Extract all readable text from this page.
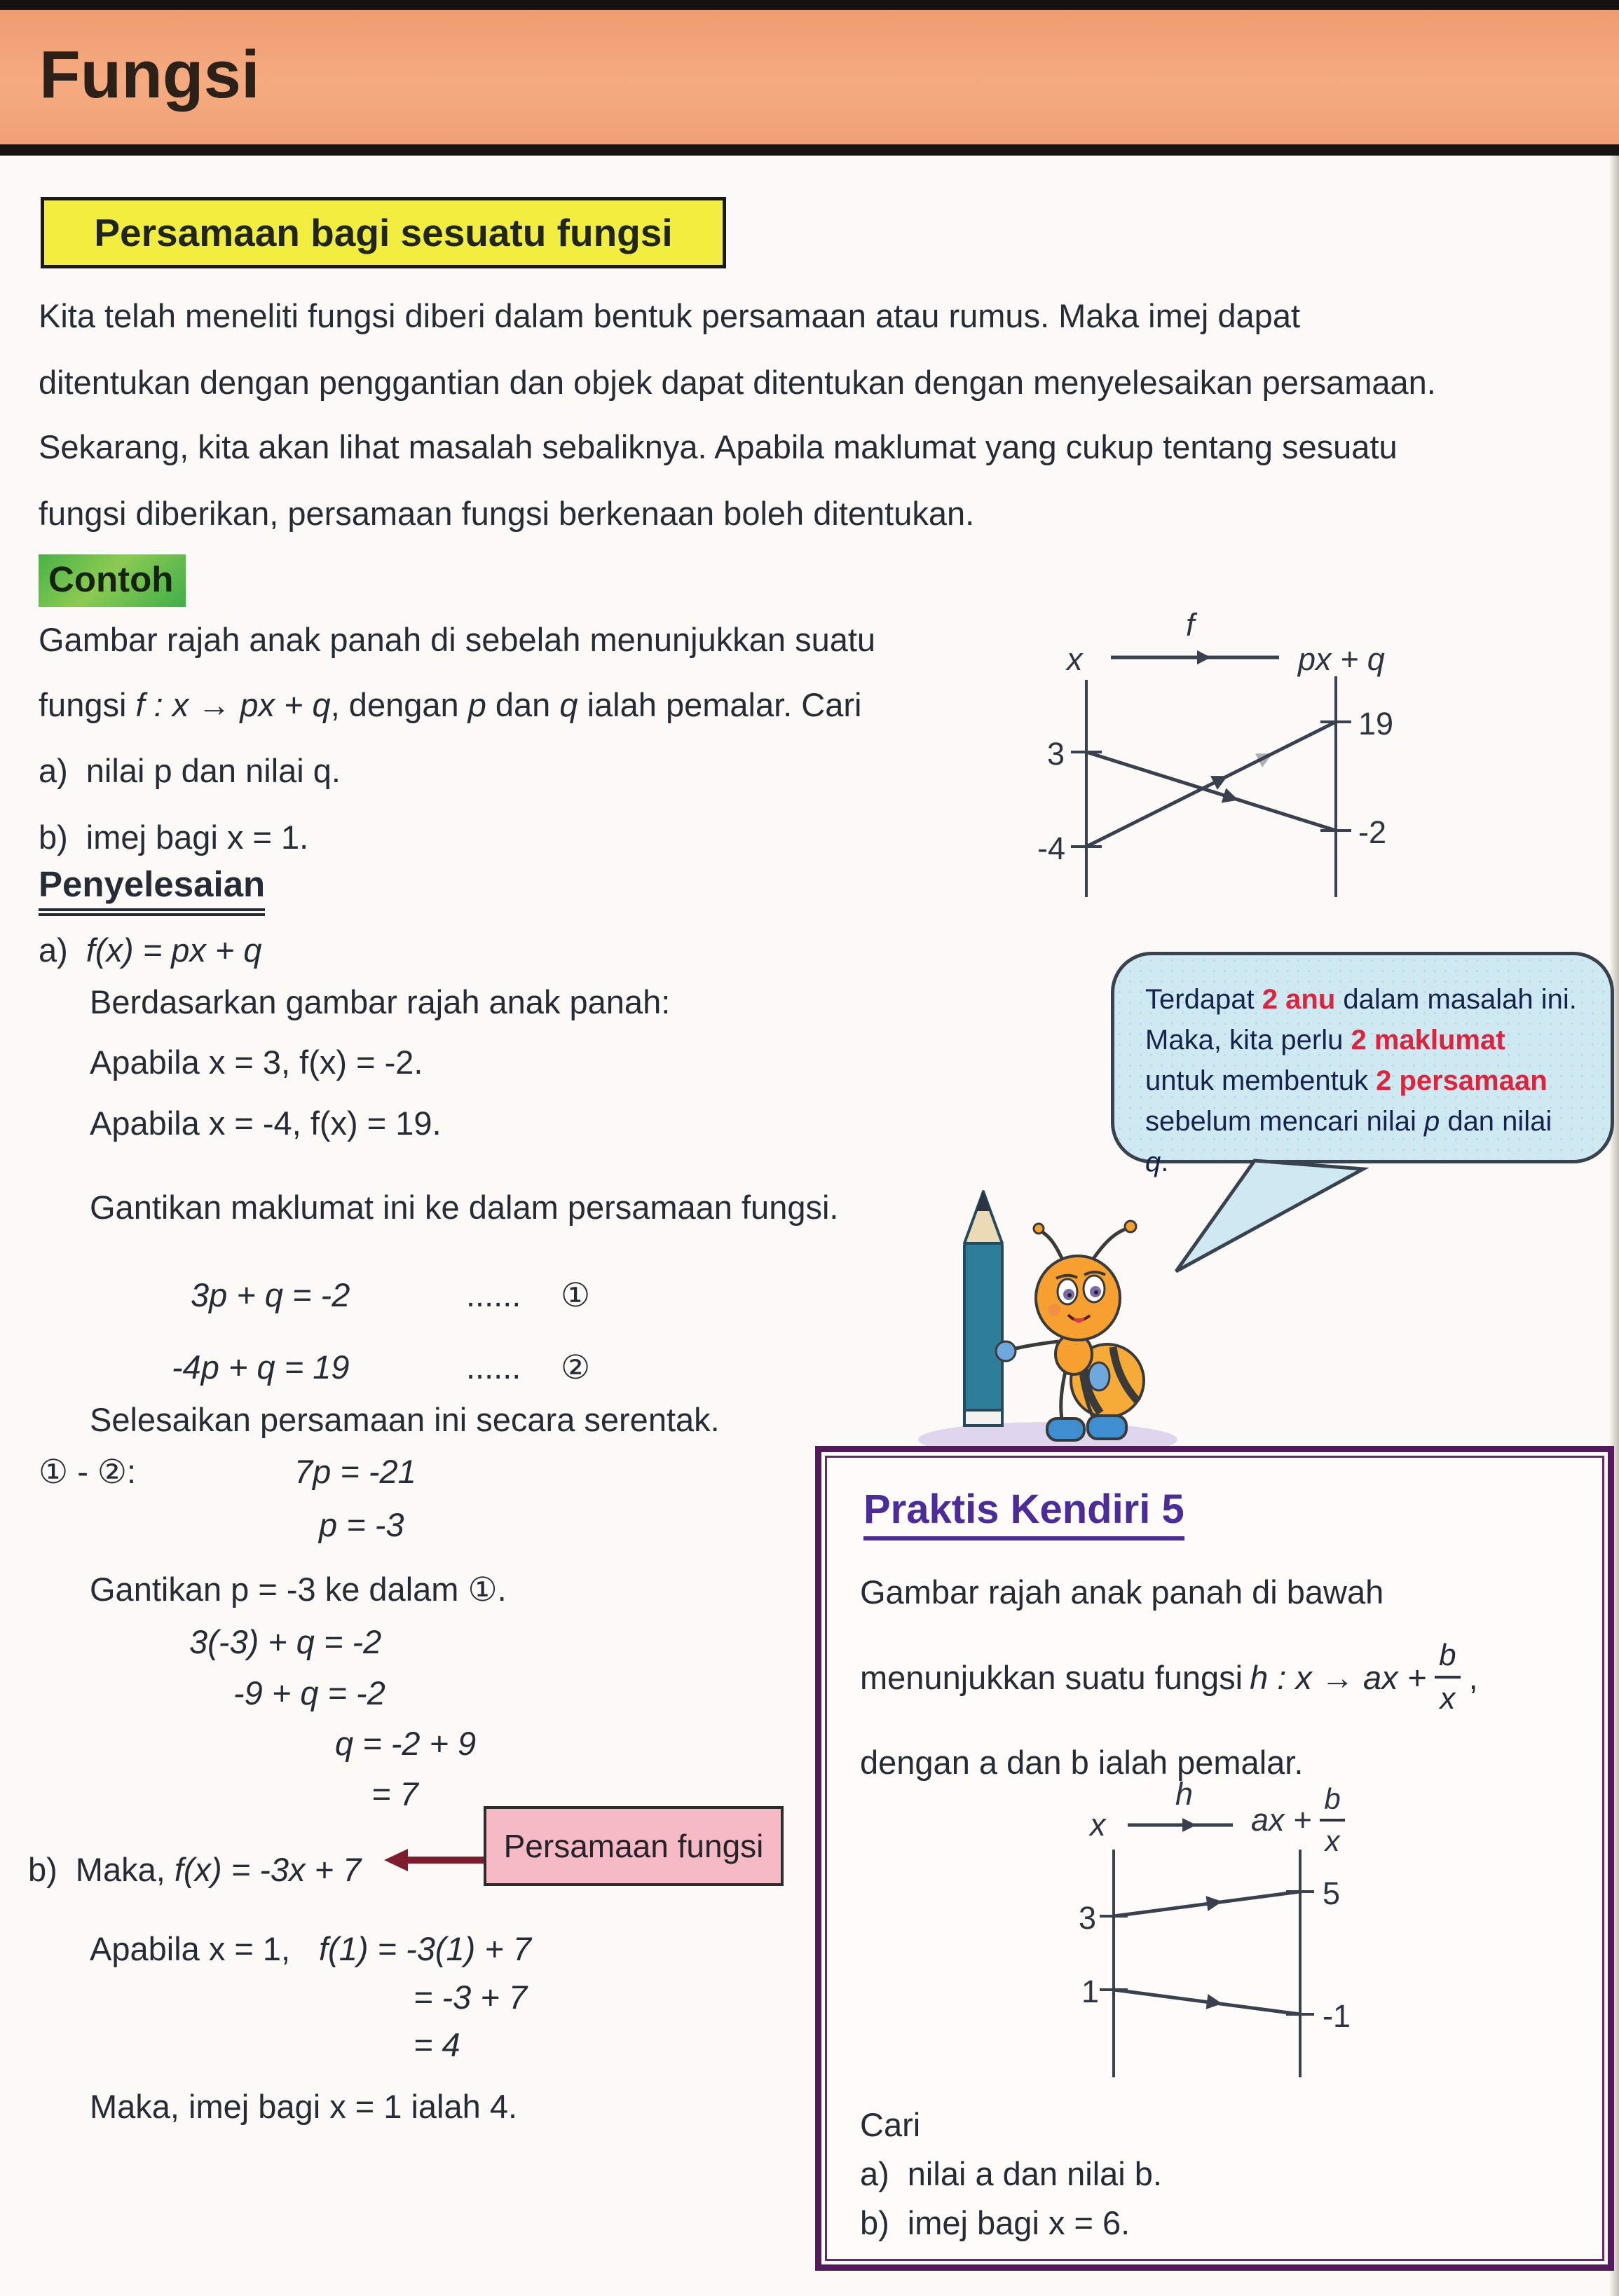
Fungsi
Persamaan bagi sesuatu fungsi
Kita telah meneliti fungsi diberi dalam bentuk persamaan atau rumus. Maka imej dapat
ditentukan dengan penggantian dan objek dapat ditentukan dengan menyelesaikan persamaan.
Sekarang, kita akan lihat masalah sebaliknya. Apabila maklumat yang cukup tentang sesuatu
fungsi diberikan, persamaan fungsi berkenaan boleh ditentukan.
Contoh
Gambar rajah anak panah di sebelah menunjukkan suatu
fungsi f : x → px + q, dengan p dan q ialah pemalar. Cari
a) nilai p dan nilai q.
b) imej bagi x = 1.
x
f
px + q
3
-4
19
-2
Penyelesaian
a) f(x) = px + q
Berdasarkan gambar rajah anak panah:
Apabila x = 3, f(x) = -2.
Apabila x = -4, f(x) = 19.
Gantikan maklumat ini ke dalam persamaan fungsi.
3p + q = -2	...... ①
-4p + q = 19	...... ②
Selesaikan persamaan ini secara serentak.
① - ②:	7p = -21
p = -3
Gantikan p = -3 ke dalam ①.
3(-3) + q = -2
-9 + q = -2
q = -2 + 9
= 7
b) Maka, f(x) = -3x + 7
Persamaan fungsi
Apabila x = 1, f(1) = -3(1) + 7
= -3 + 7
= 4
Maka, imej bagi x = 1 ialah 4.
Terdapat 2 anu dalam masalah ini. Maka, kita perlu 2 maklumat untuk membentuk 2 persamaan sebelum mencari nilai p dan nilai q.
Praktis Kendiri 5
Gambar rajah anak panah di bawah
menunjukkan suatu fungsi h : x → ax + $\frac{b}{x}$ ,
dengan a dan b ialah pemalar.
x
h
ax + $\frac{b}{x}$
3
1
5
-1
Cari
a) nilai a dan nilai b.
b) imej bagi x = 6.
